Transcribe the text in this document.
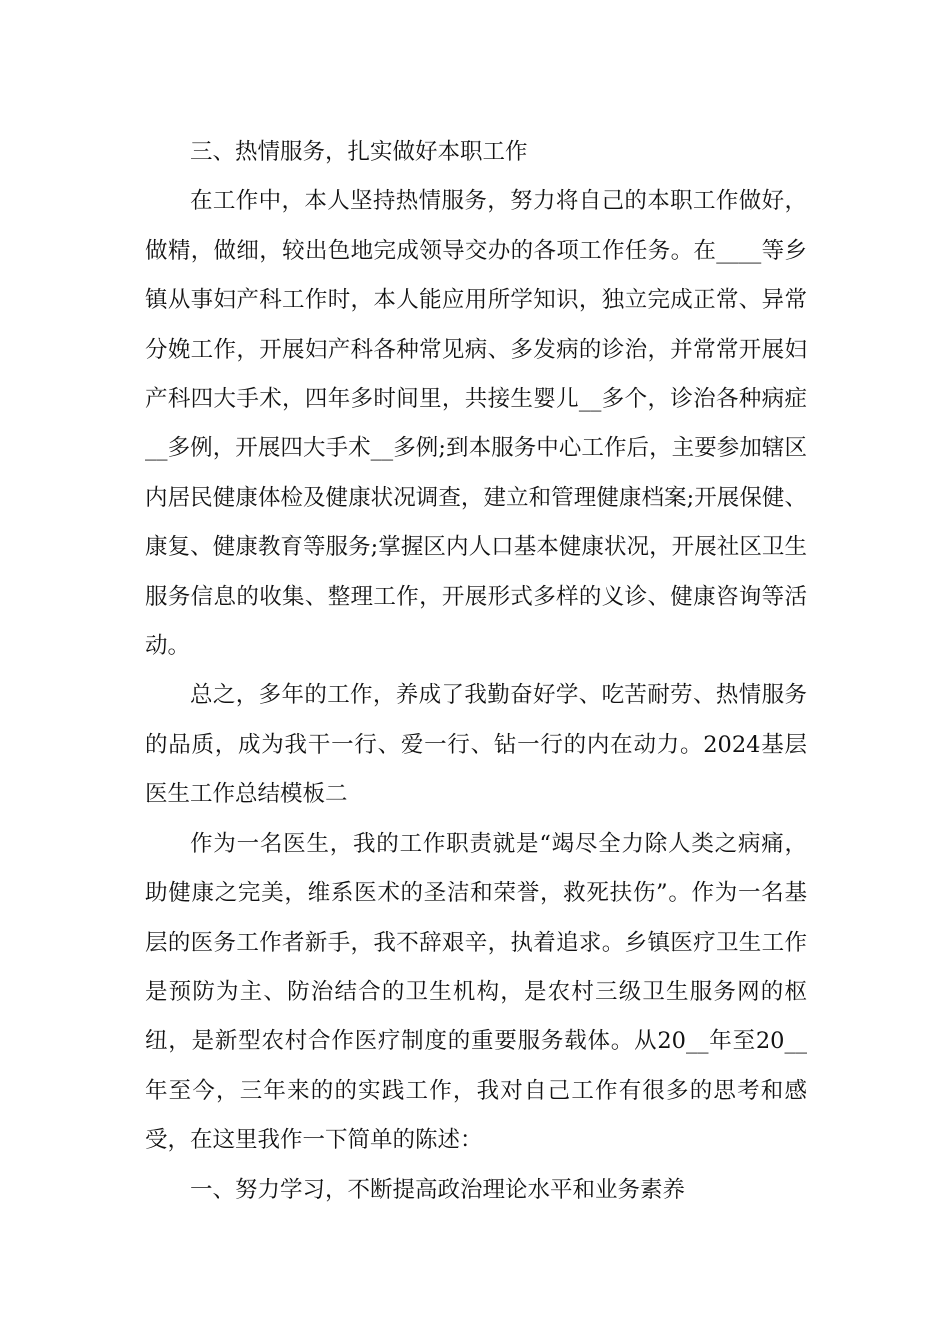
三、热情服务，扎实做好本职工作

在工作中，本人坚持热情服务，努力将自己的本职工作做好，做精，做细，较出色地完成领导交办的各项工作任务。在____等乡镇从事妇产科工作时，本人能应用所学知识，独立完成正常、异常分娩工作，开展妇产科各种常见病、多发病的诊治，并常常开展妇产科四大手术，四年多时间里，共接生婴儿__多个，诊治各种病症__多例，开展四大手术__多例;到本服务中心工作后，主要参加辖区内居民健康体检及健康状况调查，建立和管理健康档案;开展保健、康复、健康教育等服务;掌握区内人口基本健康状况，开展社区卫生服务信息的收集、整理工作，开展形式多样的义诊、健康咨询等活动。

总之，多年的工作，养成了我勤奋好学、吃苦耐劳、热情服务的品质，成为我干一行、爱一行、钻一行的内在动力。2024基层医生工作总结模板二

作为一名医生，我的工作职责就是“竭尽全力除人类之病痛，助健康之完美，维系医术的圣洁和荣誉，救死扶伤”。作为一名基层的医务工作者新手，我不辞艰辛，执着追求。乡镇医疗卫生工作是预防为主、防治结合的卫生机构，是农村三级卫生服务网的枢纽，是新型农村合作医疗制度的重要服务载体。从20__年至20__年至今，三年来的的实践工作，我对自己工作有很多的思考和感受，在这里我作一下简单的陈述：

一、努力学习，不断提高政治理论水平和业务素养
